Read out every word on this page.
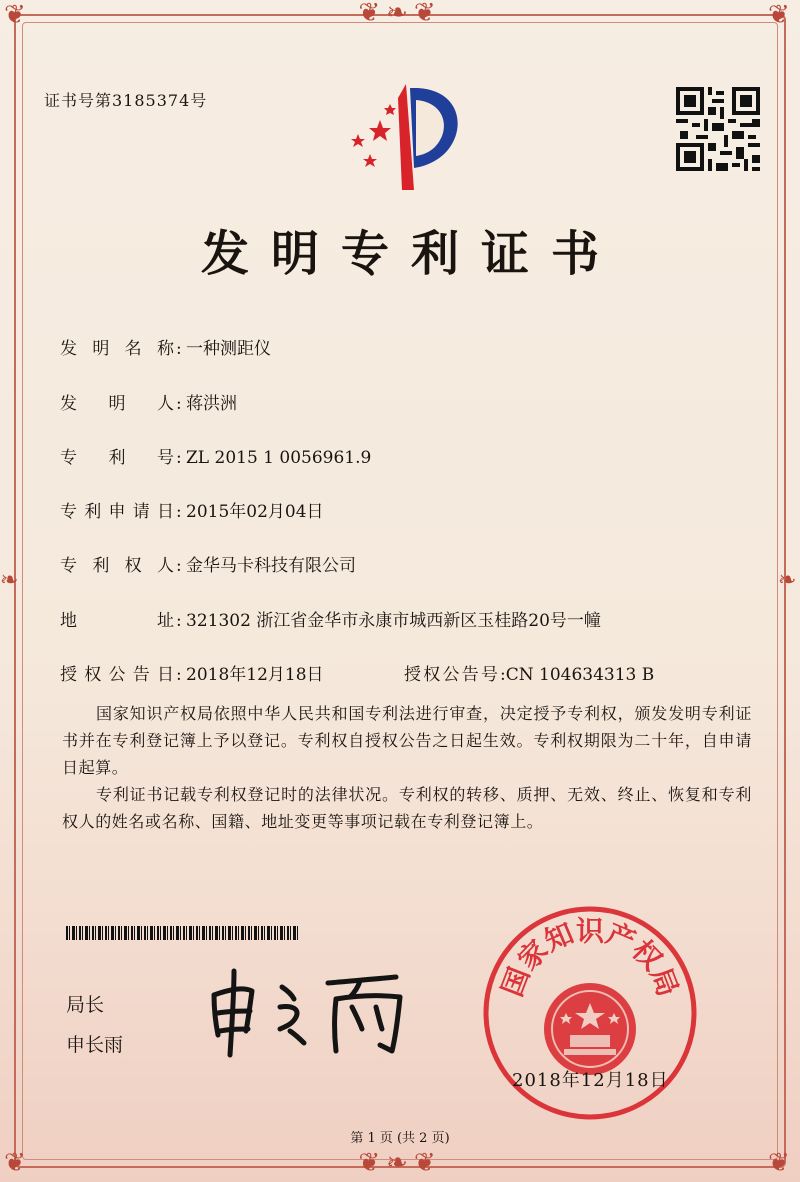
❦❧❦
❦❧❦
❦	❦
❦	❦
❧	❧
证书号第3185374号
发明专利证书
发明名称: 一种测距仪
发明人: 蒋洪洲
专利号: ZL 2015 1 0056961.9
专利申请日: 2015年02月04日
专利权人: 金华马卡科技有限公司
地址: 321302 浙江省金华市永康市城西新区玉桂路20号一幢
授权公告日: 2018年12月18日	授权公告号:CN 104634313 B
国家知识产权局依照中华人民共和国专利法进行审查，决定授予专利权，颁发发明专利证书并在专利登记簿上予以登记。专利权自授权公告之日起生效。专利权期限为二十年，自申请日起算。
专利证书记载专利权登记时的法律状况。专利权的转移、质押、无效、终止、恢复和专利权人的姓名或名称、国籍、地址变更等事项记载在专利登记簿上。
局长
申长雨
国家知识产权局
2018年12月18日
第 1 页 (共 2 页)
